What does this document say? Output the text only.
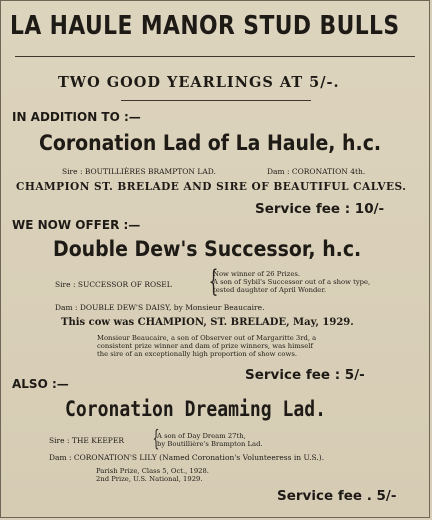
LA HAULE MANOR STUD BULLS
TWO GOOD YEARLINGS AT 5/-.
IN ADDITION TO :—
Coronation Lad of La Haule, h.c.
Sire : BOUTILLIÈRES BRAMPTON LAD.	Dam : CORONATION 4th.
CHAMPION ST. BRELADE AND SIRE OF BEAUTIFUL CALVES.
Service fee : 10/-
WE NOW OFFER :—
Double Dew's Successor, h.c.
Sire : SUCCESSOR OF ROSEL {
Now winner of 26 Prizes.
A son of Sybil's Successor out of a show type,
tested daughter of April Wonder.
Dam : DOUBLE DEW'S DAISY, by Monsieur Beaucaire.
This cow was CHAMPION, ST. BRELADE, May, 1929.
Monsieur Beaucaire, a son of Observer out of Margaritte 3rd, a
consistent prize winner and dam of prize winners, was himself
the sire of an exceptionally high proportion of show cows.
Service fee : 5/-
ALSO :—
Coronation Dreaming Lad.
Sire : THE KEEPER {
A son of Day Dream 27th,
by Boutillière's Brampton Lad.
Dam : CORONATION'S LILY (Named Coronation's Volunteeress in U.S.).
Parish Prize, Class 5, Oct., 1928.
2nd Prize, U.S. National, 1929.
Service fee . 5/-
